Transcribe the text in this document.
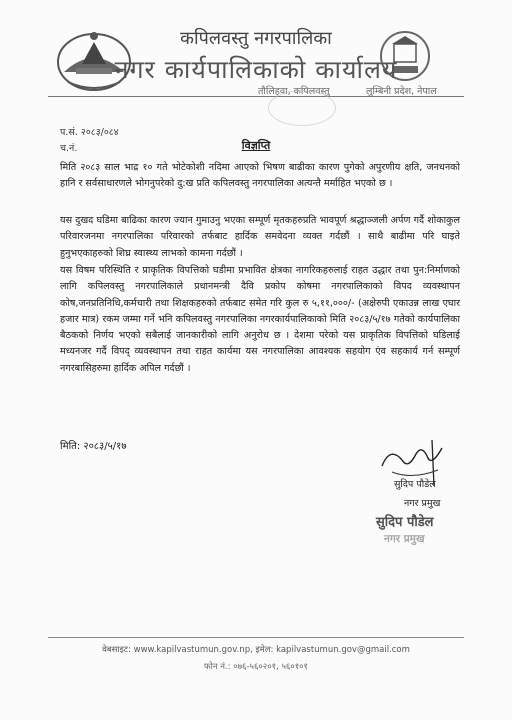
कपिलवस्तु नगरपालिका
नगर कार्यपालिकाको कार्यालय
तौलिहवा, कपिलवस्तु	लुम्बिनी प्रदेश, नेपाल
प.सं. २०८३/०८४
च.नं.	विज्ञप्ति
मिति २०८३ साल भाद्र १० गते भोटेकोशी नदिमा आएको भिषण बाढीका कारण पुगेको अपुरणीय क्षति, जनधनको हानि र सर्वसाधारणले भोगनुपरेको दु:ख प्रति कपिलवस्तु नगरपालिका अत्यन्तै मर्माहित भएको छ ।
यस दुखद घडिमा बाढिका कारण ज्यान गुमाउनु भएका सम्पूर्ण मृतकहरुप्रति भावपूर्ण श्रद्धाञ्जली अर्पण गर्दै शोकाकुल परिवारजनमा नगरपालिका परिवारको तर्फबाट हार्दिक समवेदना व्यक्त गर्दछौं । साथै बाढीमा परि घाइते हुनुभएकाहरुको शिघ्र स्वास्थ्य लाभको कामना गर्दछौं ।
यस विषम परिस्थिति र प्राकृतिक विपत्तिको घडीमा प्रभावित क्षेत्रका नागरिकहरुलाई राहत उद्धार तथा पुन:निर्माणको लागि कपिलवस्तु नगरपालिकाले प्रधानमन्त्री दैवि प्रकोप कोषमा नगरपालिकाको विपद व्यवस्थापन कोष,जनप्रतिनिधि,कर्मचारी तथा शिक्षकहरुको तर्फबाट समेत गरि कुल रु ५,११,०००/- (अक्षेरुपी एकाउन्न लाख एघार हजार मात्र) रकम जम्मा गर्ने भनि कपिलवस्तु नगरपालिका नगरकार्यपालिकाको मिति २०८३/५/१७ गतेको कार्यपालिका बैठकको निर्णय भएको सबैलाई जानकारीको लागि अनुरोध छ । देशमा परेको यस प्राकृतिक विपत्तिको घडिलाई मध्यनजर गर्दै विपद् व्यवस्थापन तथा राहत कार्यमा यस नगरपालिका आवश्यक सहयोग एंव सहकार्य गर्न सम्पूर्ण नगरबासिहरुमा हार्दिक अपिल गर्दछौं ।
मिति: २०८३/५/१७
सुदिप पौडेल
नगर प्रमुख
सुदिप पौडेल
नगर प्रमुख
वेबसाइट: www.kapilvastumun.gov.np, इमेल: kapilvastumun.gov@gmail.com
फोन नं.: ०७६-५६०२०१, ५६०१०१
